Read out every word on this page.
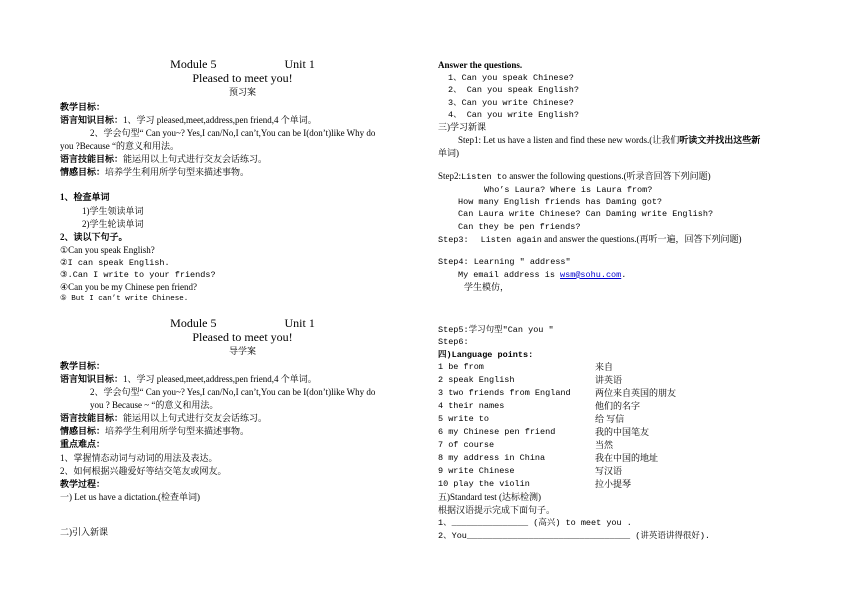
Module 5	Unit 1
Pleased to meet you!
预习案
教学目标：
语言知识目标：1、学习 pleased,meet,address,pen friend,4 个单词。
2、学会句型“ Can you~? Yes,I can/No,I can’t,You can be I(don’t)like Why do
you ?Because “的意义和用法。
语言技能目标：能运用以上句式进行交友会话练习。
情感目标：培养学生利用所学句型来描述事物。
1、检查单词
1)学生领读单词
2)学生轮读单词
2、读以下句子。
①Can you speak English?
②I can speak English.
③.Can I write to your friends?
④Can you be my Chinese pen friend?
⑤ But I can’t write Chinese.
Module 5	Unit 1
Pleased to meet you!
导学案
教学目标：
语言知识目标：1、学习 pleased,meet,address,pen friend,4 个单词。
2、学会句型“ Can you~? Yes,I can/No,I can’t,You can be I(don’t)like Why do
you ? Because ~ “的意义和用法。
语言技能目标：能运用以上句式进行交友会话练习。
情感目标：培养学生利用所学句型来描述事物。
重点难点：
1、掌握情态动词与动词的用法及表达。
2、如何根据兴趣爱好等结交笔友或网友。
教学过程：
一) Let us have a dictation.(检查单词)
二)引入新课
Answer the questions.
1、Can you speak Chinese?
2、 Can you speak English?
3、Can you write Chinese?
4、 Can you write English?
三)学习新课
Step1: Let us have a listen and find these new words.(让我们听读文并找出这些新
单词)
Step2:Listen to answer the following questions.(听录音回答下列问题)
Who’s Laura? Where is Laura from?
How many English friends has Daming got?
Can Laura write Chinese? Can Daming write English?
Can they be pen friends?
Step3: Listen again and answer the questions.(再听一遍，回答下列问题)
Step4: Learning " address"
My email address is wsm@sohu.com.
学生模仿，
Step5:学习句型"Can you "
Step6:
四)Language points:
1 be from	来自
2 speak English	讲英语
3 two friends from England	两位来自英国的朋友
4 their names	他们的名字
5 write to	给 写信
6 my Chinese pen friend	我的中国笔友
7 of course	当然
8 my address in China	我在中国的地址
9 write Chinese	写汉语
10 play the violin	拉小提琴
五)Standard test (达标检测)
根据汉语提示完成下面句子。
1、_______________ (高兴) to meet you .
2、You________________________________ (讲英语讲得很好).
